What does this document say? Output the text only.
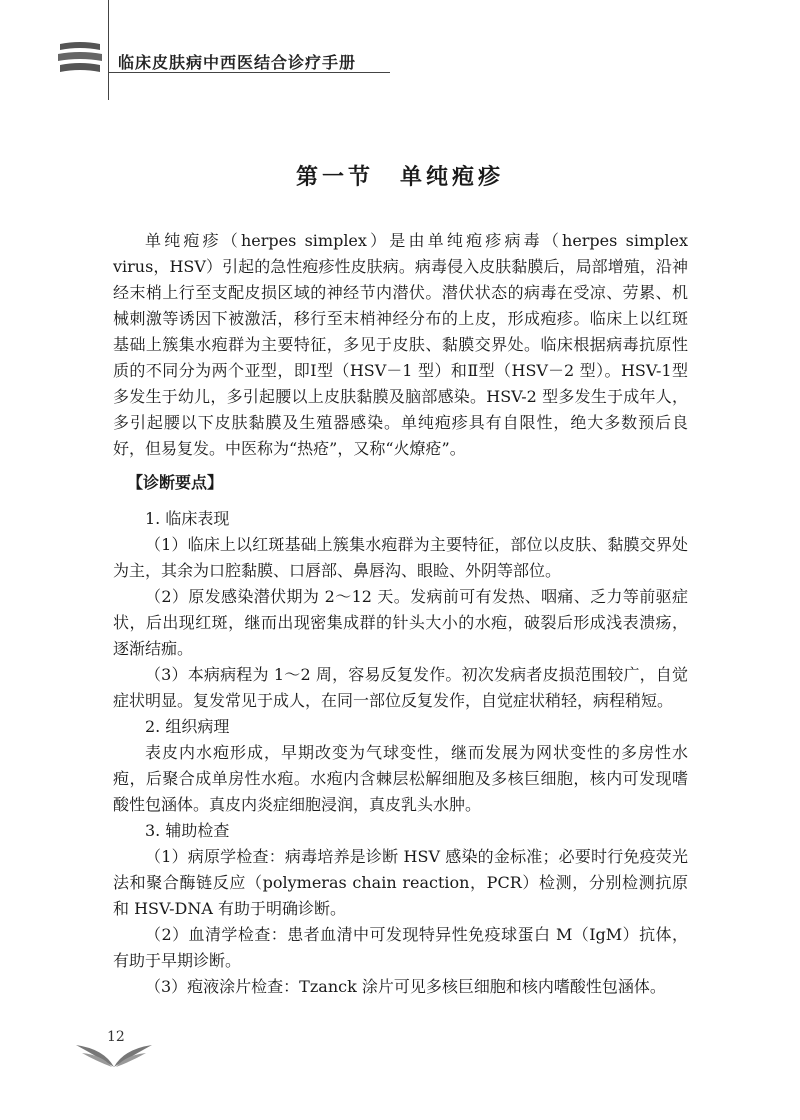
临床皮肤病中西医结合诊疗手册
第一节　单纯疱疹

单纯疱疹（herpes simplex）是由单纯疱疹病毒（herpes simplex virus，HSV）引起的急性疱疹性皮肤病。病毒侵入皮肤黏膜后，局部增殖，沿神经末梢上行至支配皮损区域的神经节内潜伏。潜伏状态的病毒在受凉、劳累、机械刺激等诱因下被激活，移行至末梢神经分布的上皮，形成疱疹。临床上以红斑基础上簇集水疱群为主要特征，多见于皮肤、黏膜交界处。临床根据病毒抗原性质的不同分为两个亚型，即Ⅰ型（HSV－1 型）和Ⅱ型（HSV－2 型）。HSV-1型多发生于幼儿，多引起腰以上皮肤黏膜及脑部感染。HSV-2 型多发生于成年人，多引起腰以下皮肤黏膜及生殖器感染。单纯疱疹具有自限性，绝大多数预后良好，但易复发。中医称为“热疮”，又称“火燎疮”。

【诊断要点】
1. 临床表现

（1）临床上以红斑基础上簇集水疱群为主要特征，部位以皮肤、黏膜交界处为主，其余为口腔黏膜、口唇部、鼻唇沟、眼睑、外阴等部位。

（2）原发感染潜伏期为 2～12 天。发病前可有发热、咽痛、乏力等前驱症状，后出现红斑，继而出现密集成群的针头大小的水疱，破裂后形成浅表溃疡，逐渐结痂。

（3）本病病程为 1～2 周，容易反复发作。初次发病者皮损范围较广，自觉症状明显。复发常见于成人，在同一部位反复发作，自觉症状稍轻，病程稍短。

2. 组织病理

表皮内水疱形成，早期改变为气球变性，继而发展为网状变性的多房性水疱，后聚合成单房性水疱。水疱内含棘层松解细胞及多核巨细胞，核内可发现嗜酸性包涵体。真皮内炎症细胞浸润，真皮乳头水肿。

3. 辅助检查

（1）病原学检查：病毒培养是诊断 HSV 感染的金标准；必要时行免疫荧光法和聚合酶链反应（polymeras chain reaction，PCR）检测，分别检测抗原和 HSV-DNA 有助于明确诊断。

（2）血清学检查：患者血清中可发现特异性免疫球蛋白 M（IgM）抗体，有助于早期诊断。

（3）疱液涂片检查：Tzanck 涂片可见多核巨细胞和核内嗜酸性包涵体。

12
